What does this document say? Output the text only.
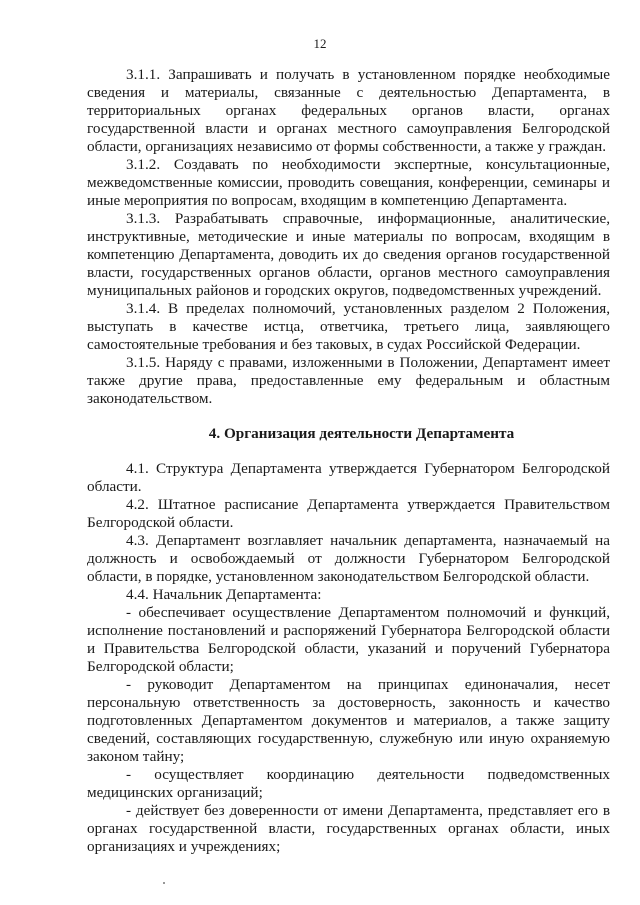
12

3.1.1. Запрашивать и получать в установленном порядке необходимые сведения и материалы, связанные с деятельностью Департамента, в территориальных органах федеральных органов власти, органах государственной власти и органах местного самоуправления Белгородской области, организациях независимо от формы собственности, а также у граждан.

3.1.2. Создавать по необходимости экспертные, консультационные, межведомственные комиссии, проводить совещания, конференции, семинары и иные мероприятия по вопросам, входящим в компетенцию Департамента.

3.1.3. Разрабатывать справочные, информационные, аналитические, инструктивные, методические и иные материалы по вопросам, входящим в компетенцию Департамента, доводить их до сведения органов государственной власти, государственных органов области, органов местного самоуправления муниципальных районов и городских округов, подведомственных учреждений.

3.1.4. В пределах полномочий, установленных разделом 2 Положения, выступать в качестве истца, ответчика, третьего лица, заявляющего самостоятельные требования и без таковых, в судах Российской Федерации.

3.1.5. Наряду с правами, изложенными в Положении, Департамент имеет также другие права, предоставленные ему федеральным и областным законодательством.

4. Организация деятельности Департамента

4.1. Структура Департамента утверждается Губернатором Белгородской области.

4.2. Штатное расписание Департамента утверждается Правительством Белгородской области.

4.3. Департамент возглавляет начальник департамента, назначаемый на должность и освобождаемый от должности Губернатором Белгородской области, в порядке, установленном законодательством Белгородской области.

4.4. Начальник Департамента:

- обеспечивает осуществление Департаментом полномочий и функций, исполнение постановлений и распоряжений Губернатора Белгородской области и Правительства Белгородской области, указаний и поручений Губернатора Белгородской области;

- руководит Департаментом на принципах единоначалия, несет персональную ответственность за достоверность, законность и качество подготовленных Департаментом документов и материалов, а также защиту сведений, составляющих государственную, служебную или иную охраняемую законом тайну;

- осуществляет координацию деятельности подведомственных медицинских организаций;

- действует без доверенности от имени Департамента, представляет его в органах государственной власти, государственных органах области, иных организациях и учреждениях;
